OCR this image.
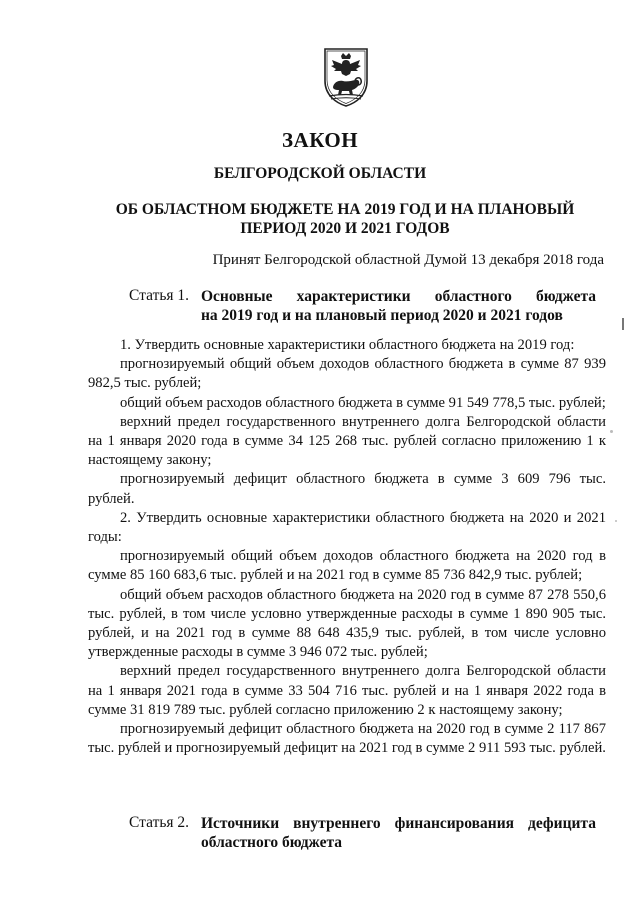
ЗАКОН
БЕЛГОРОДСКОЙ ОБЛАСТИ
ОБ ОБЛАСТНОМ БЮДЖЕТЕ НА 2019 ГОД И НА ПЛАНОВЫЙ
ПЕРИОД 2020 И 2021 ГОДОВ
Принят Белгородской областной Думой 13 декабря 2018 года
Статья 1. Основные характеристики областного бюджета
на 2019 год и на плановый период 2020 и 2021 годов

1. Утвердить основные характеристики областного бюджета на 2019 год:

прогнозируемый общий объем доходов областного бюджета в сумме 87 939 982,5 тыс. рублей;

общий объем расходов областного бюджета в сумме 91 549 778,5 тыс. рублей;

верхний предел государственного внутреннего долга Белгородской области на 1 января 2020 года в сумме 34 125 268 тыс. рублей согласно приложению 1 к настоящему закону;

прогнозируемый дефицит областного бюджета в сумме 3 609 796 тыс. рублей.

2. Утвердить основные характеристики областного бюджета на 2020 и 2021 годы:

прогнозируемый общий объем доходов областного бюджета на 2020 год в сумме 85 160 683,6 тыс. рублей и на 2021 год в сумме 85 736 842,9 тыс. рублей;

общий объем расходов областного бюджета на 2020 год в сумме 87 278 550,6 тыс. рублей, в том числе условно утвержденные расходы в сумме 1 890 905 тыс. рублей, и на 2021 год в сумме 88 648 435,9 тыс. рублей, в том числе условно утвержденные расходы в сумме 3 946 072 тыс. рублей;

верхний предел государственного внутреннего долга Белгородской области на 1 января 2021 года в сумме 33 504 716 тыс. рублей и на 1 января 2022 года в сумме 31 819 789 тыс. рублей согласно приложению 2 к настоящему закону;

прогнозируемый дефицит областного бюджета на 2020 год в сумме 2 117 867 тыс. рублей и прогнозируемый дефицит на 2021 год в сумме 2 911 593 тыс. рублей.

Статья 2. Источники внутреннего финансирования дефицита
областного бюджета
